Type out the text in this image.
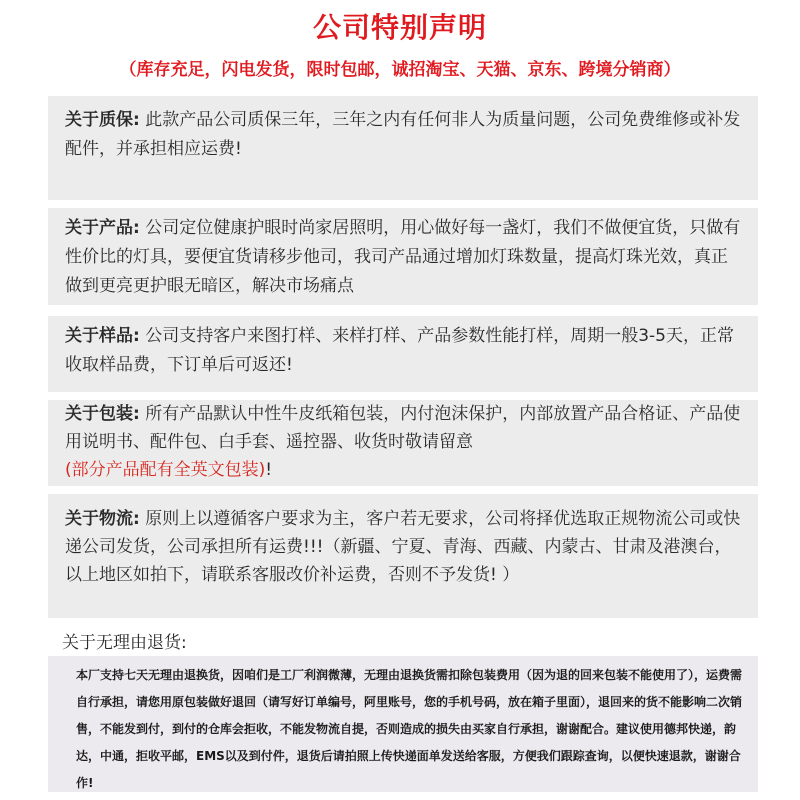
公司特别声明
（库存充足，闪电发货，限时包邮，诚招淘宝、天猫、京东、跨境分销商）
关于质保: 此款产品公司质保三年，三年之内有任何非人为质量问题，公司免费维修或补发配件，并承担相应运费!
关于产品: 公司定位健康护眼时尚家居照明，用心做好每一盏灯，我们不做便宜货，只做有性价比的灯具，要便宜货请移步他司，我司产品通过增加灯珠数量，提高灯珠光效，真正做到更亮更护眼无暗区，解决市场痛点
关于样品: 公司支持客户来图打样、来样打样、产品参数性能打样，周期一般3-5天，正常收取样品费，下订单后可返还!
关于包装: 所有产品默认中性牛皮纸箱包装，内付泡沫保护，内部放置产品合格证、产品使用说明书、配件包、白手套、遥控器、收货时敬请留意
(部分产品配有全英文包装)!
关于物流: 原则上以遵循客户要求为主，客户若无要求，公司将择优选取正规物流公司或快递公司发货，公司承担所有运费!!!（新疆、宁夏、青海、西藏、内蒙古、甘肃及港澳台，以上地区如拍下，请联系客服改价补运费，否则不予发货! ）
关于无理由退货:
本厂支持七天无理由退换货，因咱们是工厂利润微薄，无理由退换货需扣除包装费用（因为退的回来包装不能使用了），运费需自行承担，请您用原包装做好退回（请写好订单编号，阿里账号，您的手机号码，放在箱子里面），退回来的货不能影响二次销售，不能发到付，到付的仓库会拒收，不能发物流自提，否则造成的损失由买家自行承担，谢谢配合。建议使用德邦快递，韵达，中通，拒收平邮，EMS以及到付件，退货后请拍照上传快递面单发送给客服，方便我们跟踪查询，以便快速退款，谢谢合作!
